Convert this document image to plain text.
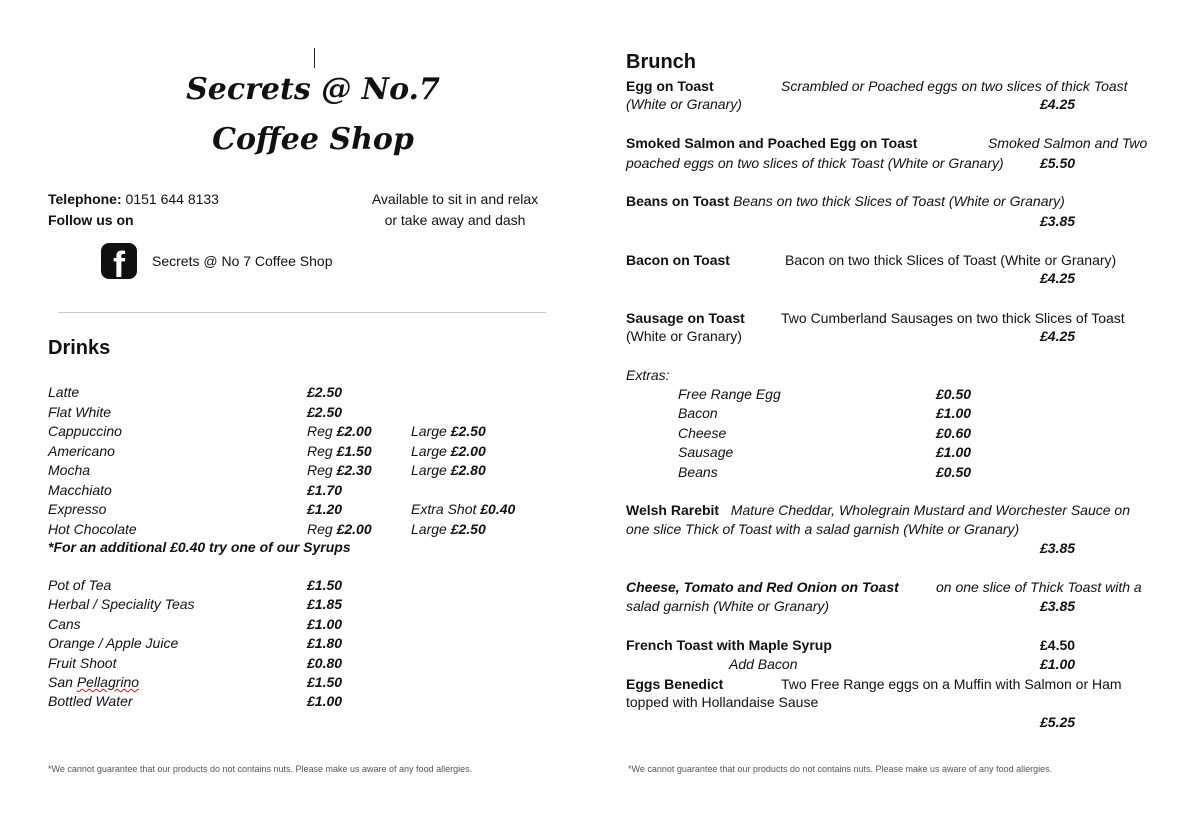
Secrets @ No.7
Coffee Shop
Telephone: 0151 644 8133
Follow us on
Available to sit in and relax
or take away and dash
f Secrets @ No 7 Coffee Shop
Drinks
Latte	£2.50
Flat White	£2.50
Cappuccino	Reg £2.00	Large £2.50
Americano	Reg £1.50	Large £2.00
Mocha	Reg £2.30	Large £2.80
Macchiato	£1.70
Expresso	£1.20	Extra Shot £0.40
Hot Chocolate	Reg £2.00	Large £2.50
*For an additional £0.40 try one of our Syrups
Pot of Tea	£1.50
Herbal / Speciality Teas	£1.85
Cans	£1.00
Orange / Apple Juice	£1.80
Fruit Shoot	£0.80
San Pellagrino	£1.50
Bottled Water	£1.00
*We cannot guarantee that our products do not contains nuts. Please make us aware of any food allergies.
Brunch
Egg on Toast	Scrambled or Poached eggs on two slices of thick Toast
(White or Granary)	£4.25
Smoked Salmon and Poached Egg on Toast	Smoked Salmon and Two
poached eggs on two slices of thick Toast (White or Granary)	£5.50
Beans on Toast Beans on two thick Slices of Toast (White or Granary)
£3.85
Bacon on Toast	Bacon on two thick Slices of Toast (White or Granary)
£4.25
Sausage on Toast	Two Cumberland Sausages on two thick Slices of Toast
(White or Granary)	£4.25
Extras:
Free Range Egg	£0.50
Bacon	£1.00
Cheese	£0.60
Sausage	£1.00
Beans	£0.50
Welsh Rarebit Mature Cheddar, Wholegrain Mustard and Worchester Sauce on
one slice Thick of Toast with a salad garnish (White or Granary)
£3.85
Cheese, Tomato and Red Onion on Toast	on one slice of Thick Toast with a
salad garnish (White or Granary)	£3.85
French Toast with Maple Syrup	£4.50
Add Bacon	£1.00
Eggs Benedict	Two Free Range eggs on a Muffin with Salmon or Ham
topped with Hollandaise Sause
£5.25
*We cannot guarantee that our products do not contains nuts. Please make us aware of any food allergies.
